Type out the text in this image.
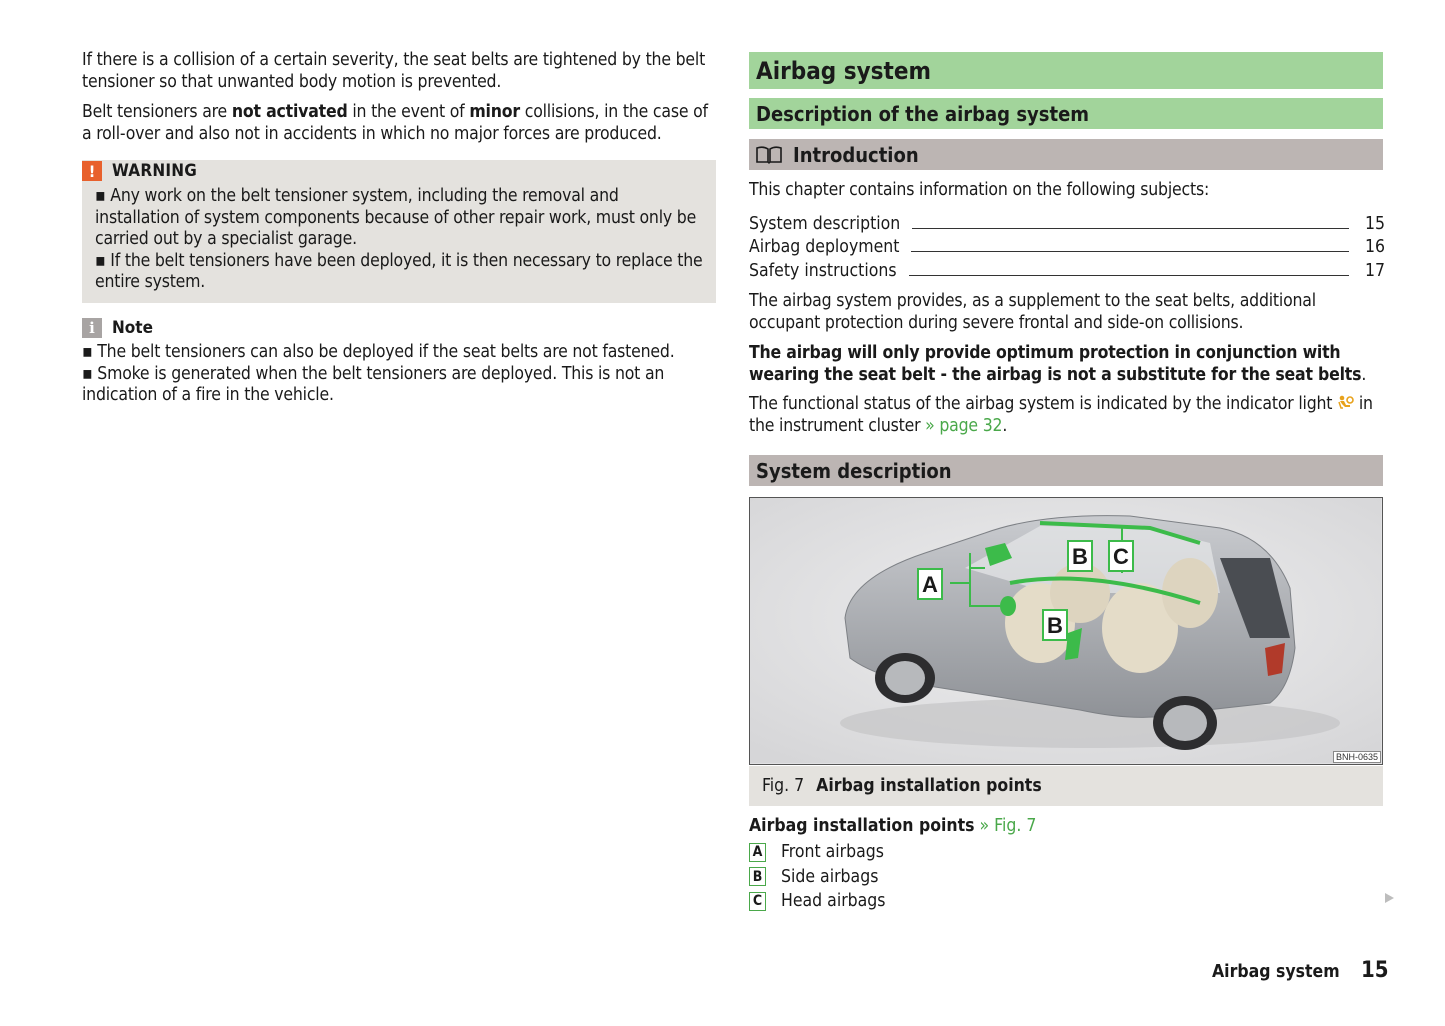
If there is a collision of a certain severity, the seat belts are tightened by the belt tensioner so that unwanted body motion is prevented.

Belt tensioners are not activated in the event of minor collisions, in the case of a roll-over and also not in accidents in which no major forces are produced.

! WARNING

▪ Any work on the belt tensioner system, including the removal and installation of system components because of other repair work, must only be carried out by a specialist garage.

▪ If the belt tensioners have been deployed, it is then necessary to replace the entire system.

i	Note

▪ The belt tensioners can also be deployed if the seat belts are not fastened.

▪ Smoke is generated when the belt tensioners are deployed. This is not an indication of a fire in the vehicle.

Airbag system
Description of the airbag system
Introduction

This chapter contains information on the following subjects:

System description	15
Airbag deployment	16
Safety instructions	17

The airbag system provides, as a supplement to the seat belts, additional occupant protection during severe frontal and side-on collisions.

The airbag will only provide optimum protection in conjunction with wearing the seat belt - the airbag is not a substitute for the seat belts.

The functional status of the airbag system is indicated by the indicator light  in the instrument cluster » page 32.

System description
A
B C
B
BNH-0635
Fig. 7 Airbag installation points
Airbag installation points » Fig. 7
A Front airbags
B Side airbags
C Head airbags
Airbag system 15
